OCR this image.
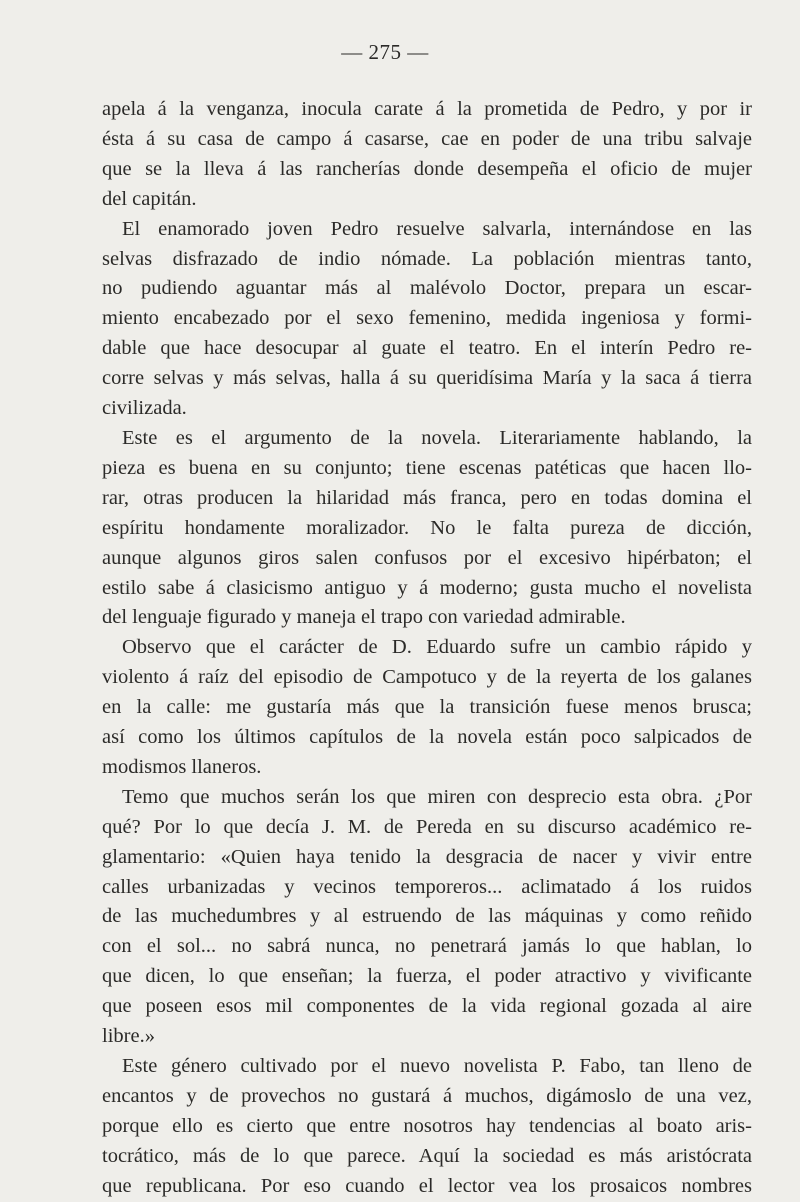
— 275 —
apela á la venganza, inocula carate á la prometida de Pedro, y por ir
ésta á su casa de campo á casarse, cae en poder de una tribu salvaje
que se la lleva á las rancherías donde desempeña el oficio de mujer
del capitán.
El enamorado joven Pedro resuelve salvarla, internándose en las
selvas disfrazado de indio nómade. La población mientras tanto,
no pudiendo aguantar más al malévolo Doctor, prepara un escar-
miento encabezado por el sexo femenino, medida ingeniosa y formi-
dable que hace desocupar al guate el teatro. En el interín Pedro re-
corre selvas y más selvas, halla á su queridísima María y la saca á tierra
civilizada.
Este es el argumento de la novela. Literariamente hablando, la
pieza es buena en su conjunto; tiene escenas patéticas que hacen llo-
rar, otras producen la hilaridad más franca, pero en todas domina el
espíritu hondamente moralizador. No le falta pureza de dicción,
aunque algunos giros salen confusos por el excesivo hipérbaton; el
estilo sabe á clasicismo antiguo y á moderno; gusta mucho el novelista
del lenguaje figurado y maneja el trapo con variedad admirable.
Observo que el carácter de D. Eduardo sufre un cambio rápido y
violento á raíz del episodio de Campotuco y de la reyerta de los galanes
en la calle: me gustaría más que la transición fuese menos brusca;
así como los últimos capítulos de la novela están poco salpicados de
modismos llaneros.
Temo que muchos serán los que miren con desprecio esta obra. ¿Por
qué? Por lo que decía J. M. de Pereda en su discurso académico re-
glamentario: «Quien haya tenido la desgracia de nacer y vivir entre
calles urbanizadas y vecinos temporeros... aclimatado á los ruidos
de las muchedumbres y al estruendo de las máquinas y como reñido
con el sol... no sabrá nunca, no penetrará jamás lo que hablan, lo
que dicen, lo que enseñan; la fuerza, el poder atractivo y vivificante
que poseen esos mil componentes de la vida regional gozada al aire
libre.»
Este género cultivado por el nuevo novelista P. Fabo, tan lleno de
encantos y de provechos no gustará á muchos, digámoslo de una vez,
porque ello es cierto que entre nosotros hay tendencias al boato aris-
tocrático, más de lo que parece. Aquí la sociedad es más aristócrata
que republicana. Por eso cuando el lector vea los prosaicos nombres
